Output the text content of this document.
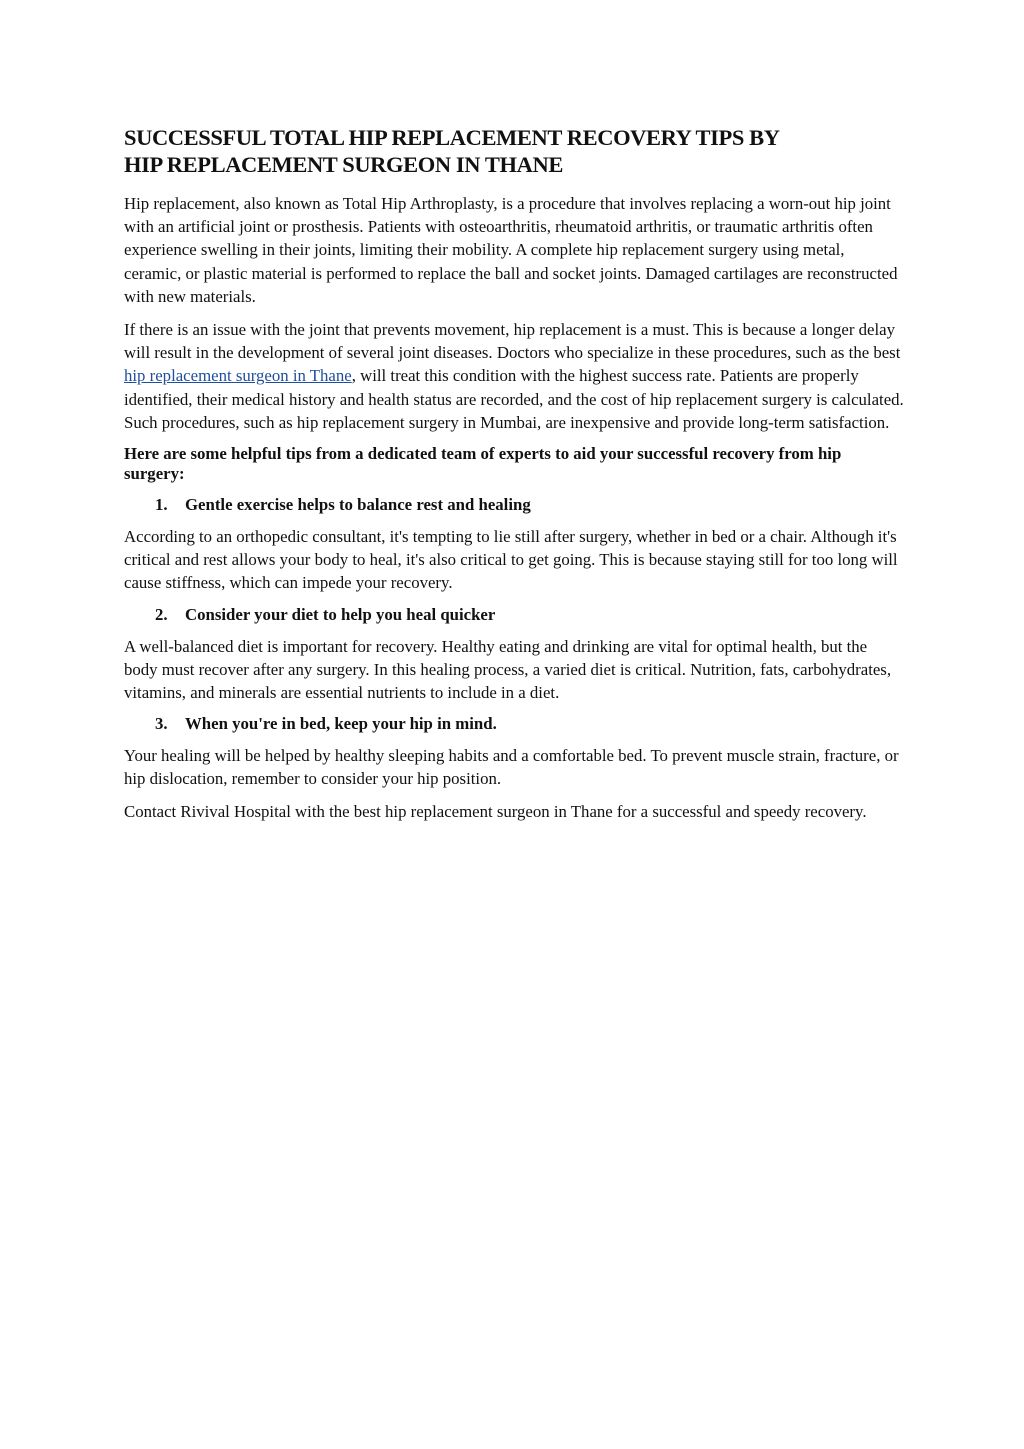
SUCCESSFUL TOTAL HIP REPLACEMENT RECOVERY TIPS BY
HIP REPLACEMENT SURGEON IN THANE

Hip replacement, also known as Total Hip Arthroplasty, is a procedure that involves replacing a worn-out hip joint with an artificial joint or prosthesis. Patients with osteoarthritis, rheumatoid arthritis, or traumatic arthritis often experience swelling in their joints, limiting their mobility. A complete hip replacement surgery using metal, ceramic, or plastic material is performed to replace the ball and socket joints. Damaged cartilages are reconstructed with new materials.

If there is an issue with the joint that prevents movement, hip replacement is a must. This is because a longer delay will result in the development of several joint diseases. Doctors who specialize in these procedures, such as the best hip replacement surgeon in Thane, will treat this condition with the highest success rate. Patients are properly identified, their medical history and health status are recorded, and the cost of hip replacement surgery is calculated. Such procedures, such as hip replacement surgery in Mumbai, are inexpensive and provide long-term satisfaction.

Here are some helpful tips from a dedicated team of experts to aid your successful recovery from hip surgery:

1.	Gentle exercise helps to balance rest and healing

According to an orthopedic consultant, it's tempting to lie still after surgery, whether in bed or a chair. Although it's critical and rest allows your body to heal, it's also critical to get going. This is because staying still for too long will cause stiffness, which can impede your recovery.

2.	Consider your diet to help you heal quicker

A well-balanced diet is important for recovery. Healthy eating and drinking are vital for optimal health, but the body must recover after any surgery. In this healing process, a varied diet is critical. Nutrition, fats, carbohydrates, vitamins, and minerals are essential nutrients to include in a diet.

3.	When you're in bed, keep your hip in mind.

Your healing will be helped by healthy sleeping habits and a comfortable bed. To prevent muscle strain, fracture, or hip dislocation, remember to consider your hip position.

Contact Rivival Hospital with the best hip replacement surgeon in Thane for a successful and speedy recovery.
